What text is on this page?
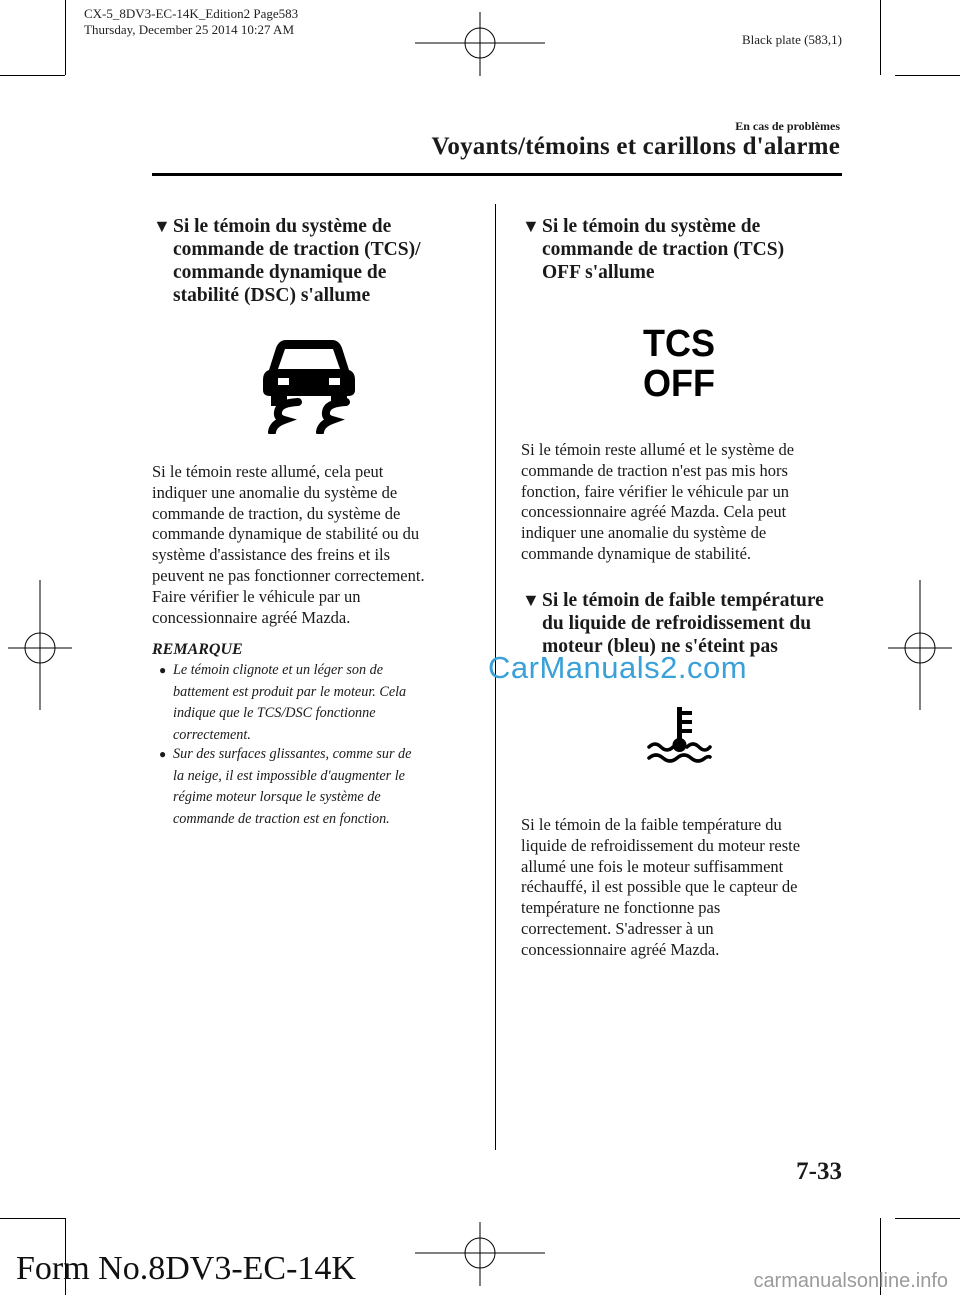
CX-5_8DV3-EC-14K_Edition2 Page583
Thursday, December 25 2014 10:27 AM
Black plate (583,1)
En cas de problèmes
Voyants/témoins et carillons d'alarme
▼ Si le témoin du système de
commande de traction (TCS)/
commande dynamique de
stabilité (DSC) s'allume
Si le témoin reste allumé, cela peut
indiquer une anomalie du système de
commande de traction, du système de
commande dynamique de stabilité ou du
système d'assistance des freins et ils
peuvent ne pas fonctionner correctement.
Faire vérifier le véhicule par un
concessionnaire agréé Mazda.
REMARQUE
● Le témoin clignote et un léger son de
battement est produit par le moteur. Cela
indique que le TCS/DSC fonctionne
correctement.
● Sur des surfaces glissantes, comme sur de
la neige, il est impossible d'augmenter le
régime moteur lorsque le système de
commande de traction est en fonction.
▼ Si le témoin du système de
commande de traction (TCS)
OFF s'allume
TCS
OFF
Si le témoin reste allumé et le système de
commande de traction n'est pas mis hors
fonction, faire vérifier le véhicule par un
concessionnaire agréé Mazda. Cela peut
indiquer une anomalie du système de
commande dynamique de stabilité.
▼ Si le témoin de faible température
du liquide de refroidissement du
moteur (bleu) ne s'éteint pas
Si le témoin de la faible température du
liquide de refroidissement du moteur reste
allumé une fois le moteur suffisamment
réchauffé, il est possible que le capteur de
température ne fonctionne pas
correctement. S'adresser à un
concessionnaire agréé Mazda.
CarManuals2.com
7-33
Form No.8DV3-EC-14K	carmanualsonline.info
